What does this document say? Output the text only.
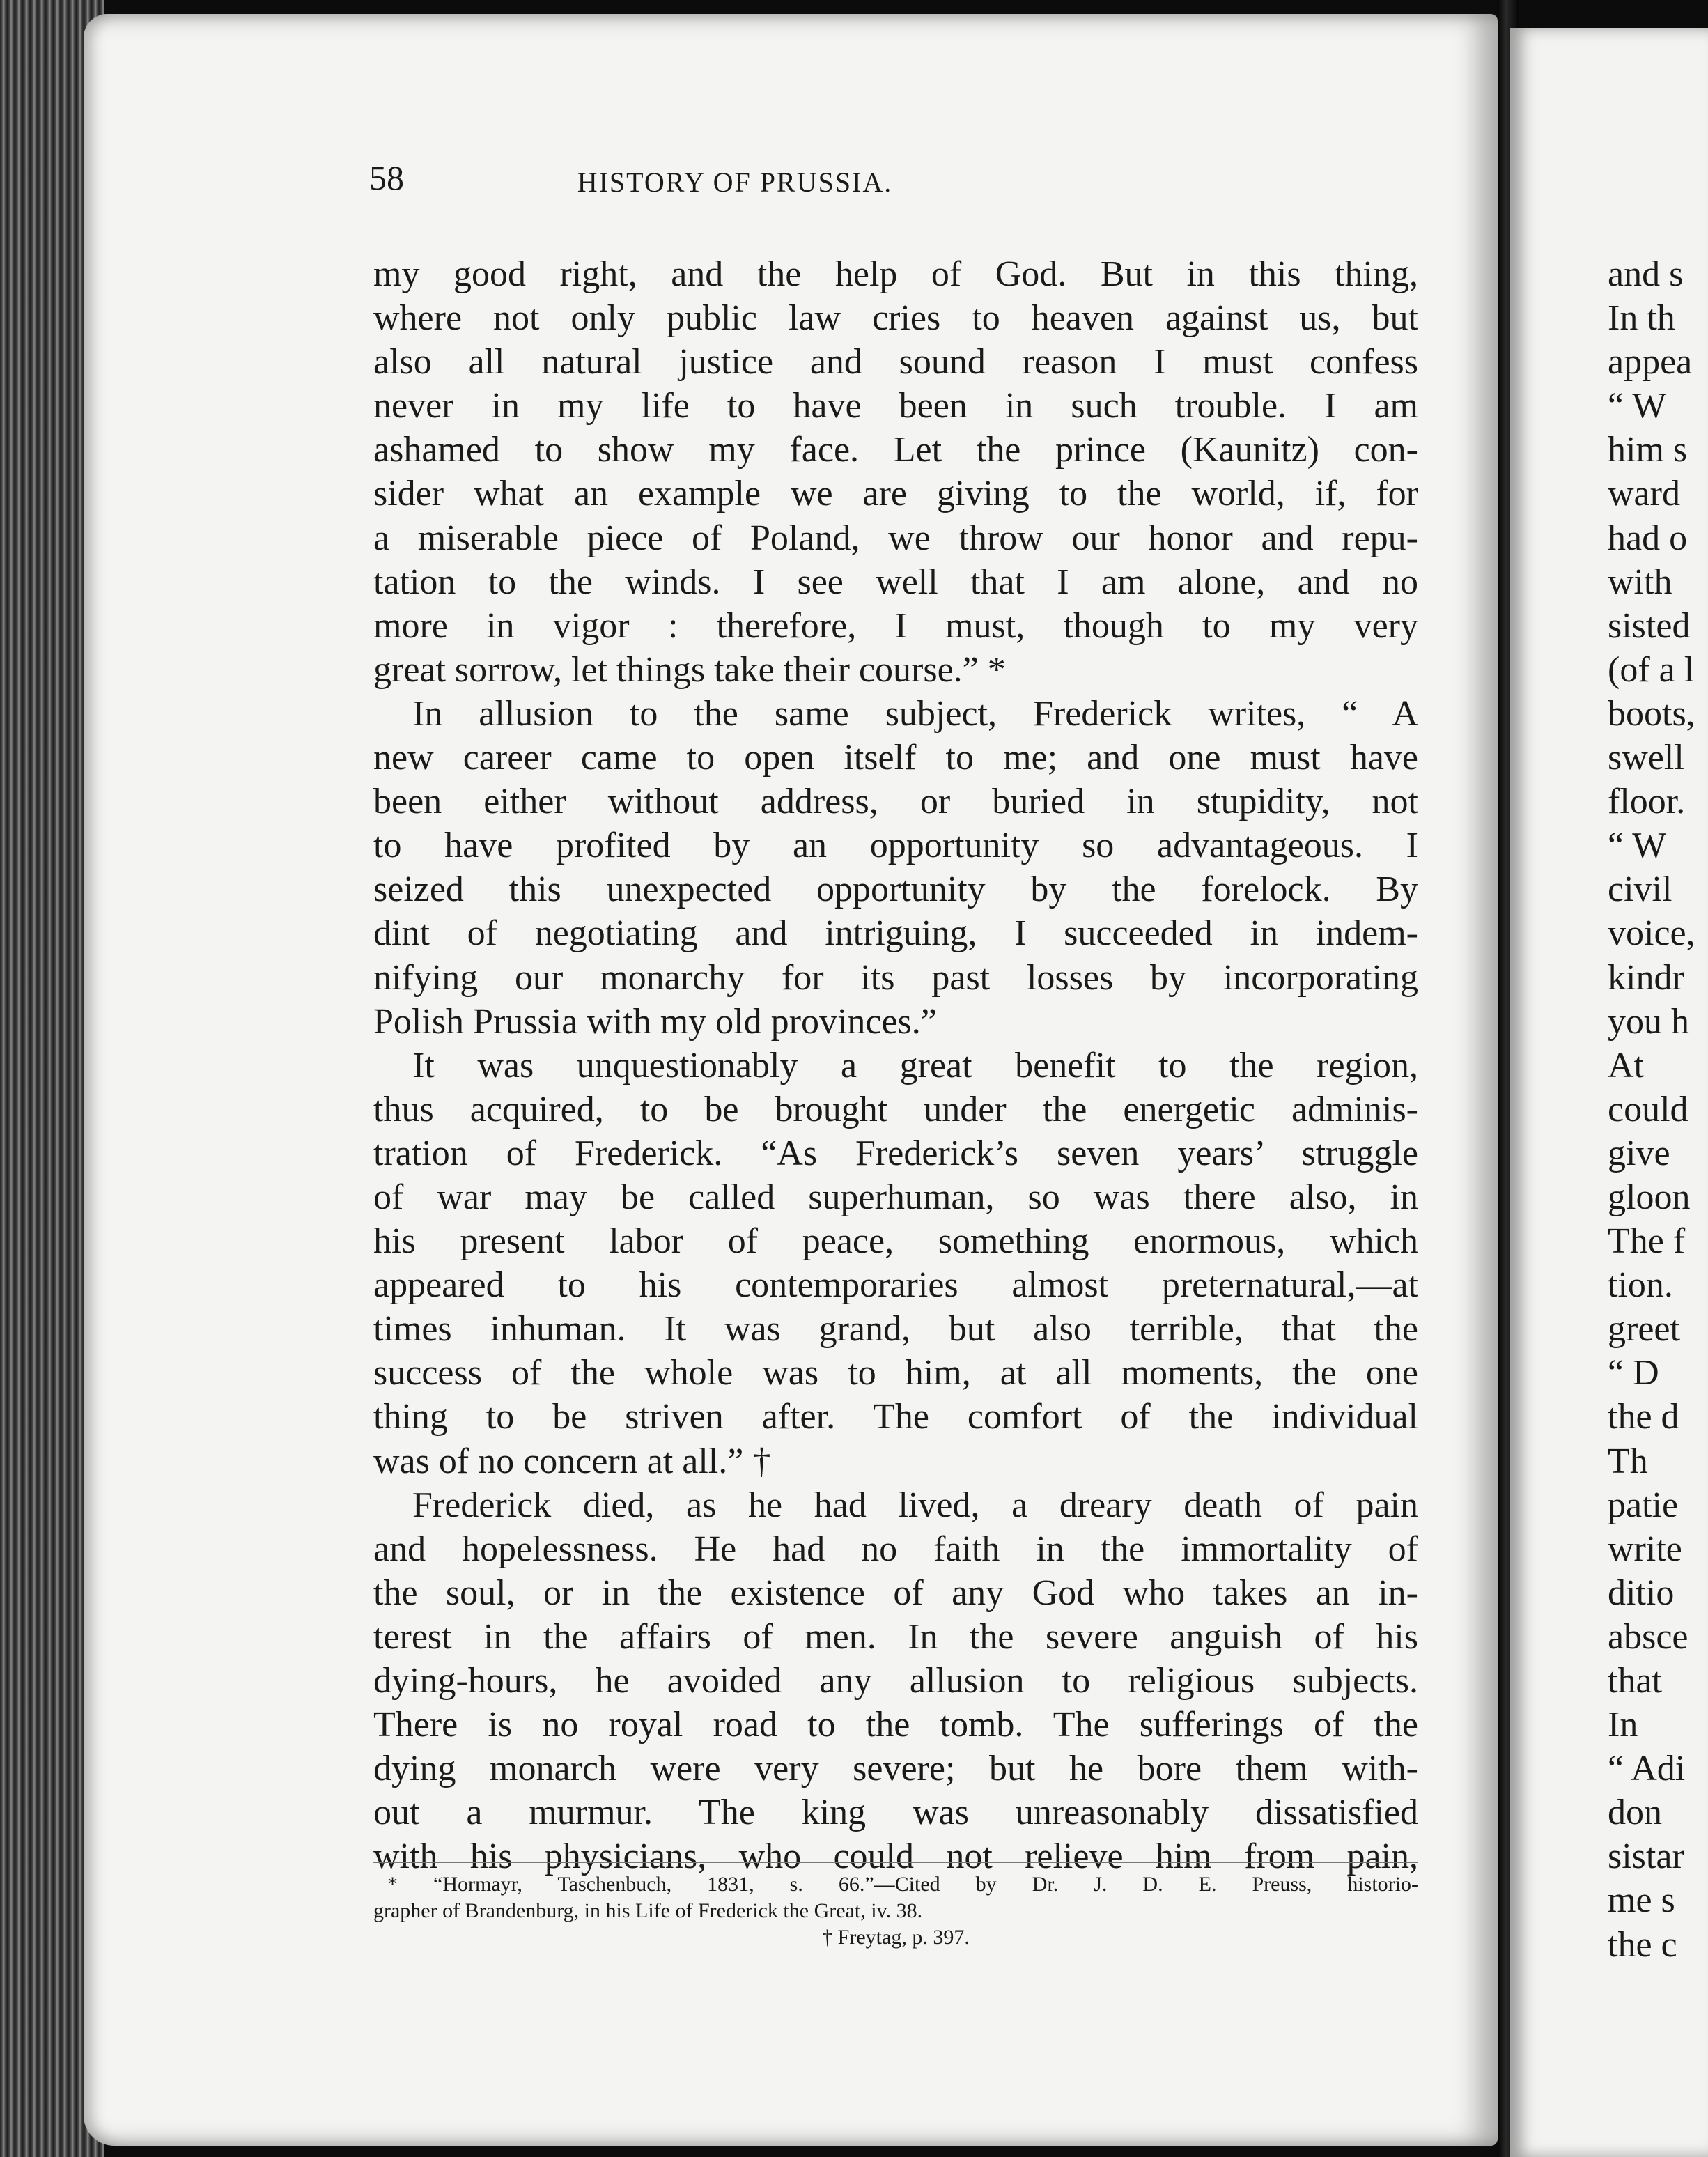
58	HISTORY OF PRUSSIA.
my good right, and the help of God. But in this thing,
where not only public law cries to heaven against us, but
also all natural justice and sound reason I must confess
never in my life to have been in such trouble. I am
ashamed to show my face. Let the prince (Kaunitz) con-
sider what an example we are giving to the world, if, for
a miserable piece of Poland, we throw our honor and repu-
tation to the winds. I see well that I am alone, and no
more in vigor : therefore, I must, though to my very
great sorrow, let things take their course.” *
In allusion to the same subject, Frederick writes, “ A
new career came to open itself to me; and one must have
been either without address, or buried in stupidity, not
to have profited by an opportunity so advantageous. I
seized this unexpected opportunity by the forelock. By
dint of negotiating and intriguing, I succeeded in indem-
nifying our monarchy for its past losses by incorporating
Polish Prussia with my old provinces.”
It was unquestionably a great benefit to the region,
thus acquired, to be brought under the energetic adminis-
tration of Frederick. “As Frederick’s seven years’ struggle
of war may be called superhuman, so was there also, in
his present labor of peace, something enormous, which
appeared to his contemporaries almost preternatural,—at
times inhuman. It was grand, but also terrible, that the
success of the whole was to him, at all moments, the one
thing to be striven after. The comfort of the individual
was of no concern at all.” †
Frederick died, as he had lived, a dreary death of pain
and hopelessness. He had no faith in the immortality of
the soul, or in the existence of any God who takes an in-
terest in the affairs of men. In the severe anguish of his
dying-hours, he avoided any allusion to religious subjects.
There is no royal road to the tomb. The sufferings of the
dying monarch were very severe; but he bore them with-
out a murmur. The king was unreasonably dissatisfied
with his physicians, who could not relieve him from pain,
and s
In th
appea
“ W
him s
ward
had o
with
sisted
(of a l
boots,
swell
floor.
“ W
civil
voice,
kindr
you h
At
could
give
gloon
The f
tion.
greet
“ D
the d
Th
patie
write
ditio
absce
that
In
“ Adi
don
sistar
me s
the c
* “Hormayr, Taschenbuch, 1831, s. 66.”—Cited by Dr. J. D. E. Preuss, historio-
grapher of Brandenburg, in his Life of Frederick the Great, iv. 38.
† Freytag, p. 397.
